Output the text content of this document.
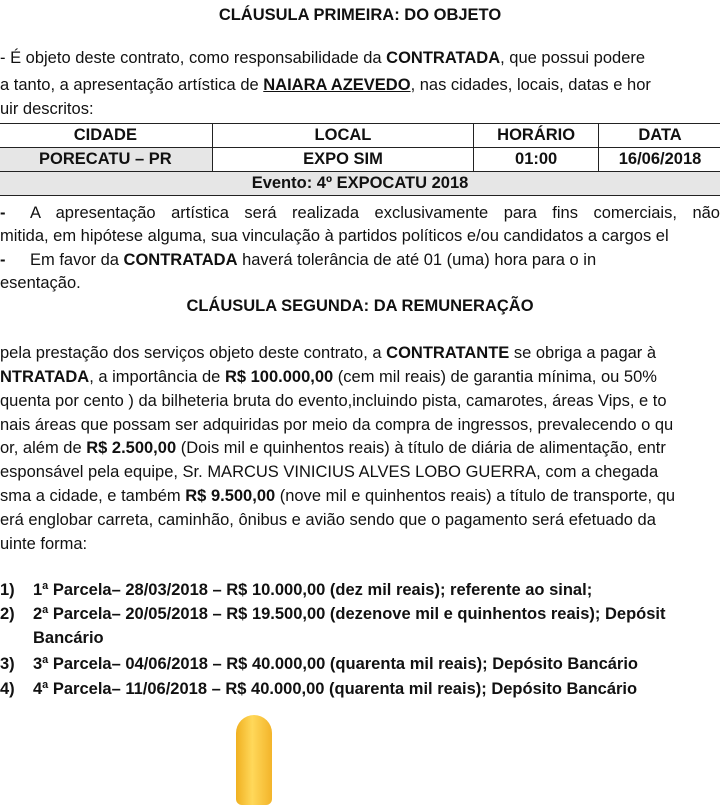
CLÁUSULA PRIMEIRA: DO OBJETO
- É objeto deste contrato, como responsabilidade da CONTRATADA, que possui podere
a tanto, a apresentação artística de NAIARA AZEVEDO, nas cidades, locais, datas e hor
uir descritos:
CIDADE	LOCAL	HORÁRIO	DATA
PORECATU – PR	EXPO SIM	01:00	16/06/2018
Evento: 4º EXPOCATU 2018			
- A apresentação artística será realizada exclusivamente para fins comerciais, não
mitida, em hipótese alguma, sua vinculação à partidos políticos e/ou candidatos a cargos el
- Em favor da CONTRATADA haverá tolerância de até 01 (uma) hora para o in
esentação.
CLÁUSULA SEGUNDA: DA REMUNERAÇÃO
pela prestação dos serviços objeto deste contrato, a CONTRATANTE se obriga a pagar à
NTRATADA, a importância de R$ 100.000,00 (cem mil reais) de garantia mínima, ou 50%
quenta por cento ) da bilheteria bruta do evento,incluindo pista, camarotes, áreas Vips, e to
nais áreas que possam ser adquiridas por meio da compra de ingressos, prevalecendo o qu
or, além de R$ 2.500,00 (Dois mil e quinhentos reais) à título de diária de alimentação, entr
esponsável pela equipe, Sr. MARCUS VINICIUS ALVES LOBO GUERRA, com a chegada
sma a cidade, e também R$ 9.500,00 (nove mil e quinhentos reais) a título de transporte, qu
erá englobar carreta, caminhão, ônibus e avião sendo que o pagamento será efetuado da
uinte forma:
1) 1ª Parcela– 28/03/2018 – R$ 10.000,00 (dez mil reais); referente ao sinal;
2) 2ª Parcela– 20/05/2018 – R$ 19.500,00 (dezenove mil e quinhentos reais); Depósit
Bancário
3) 3ª Parcela– 04/06/2018 – R$ 40.000,00 (quarenta mil reais); Depósito Bancário
4) 4ª Parcela– 11/06/2018 – R$ 40.000,00 (quarenta mil reais); Depósito Bancário
